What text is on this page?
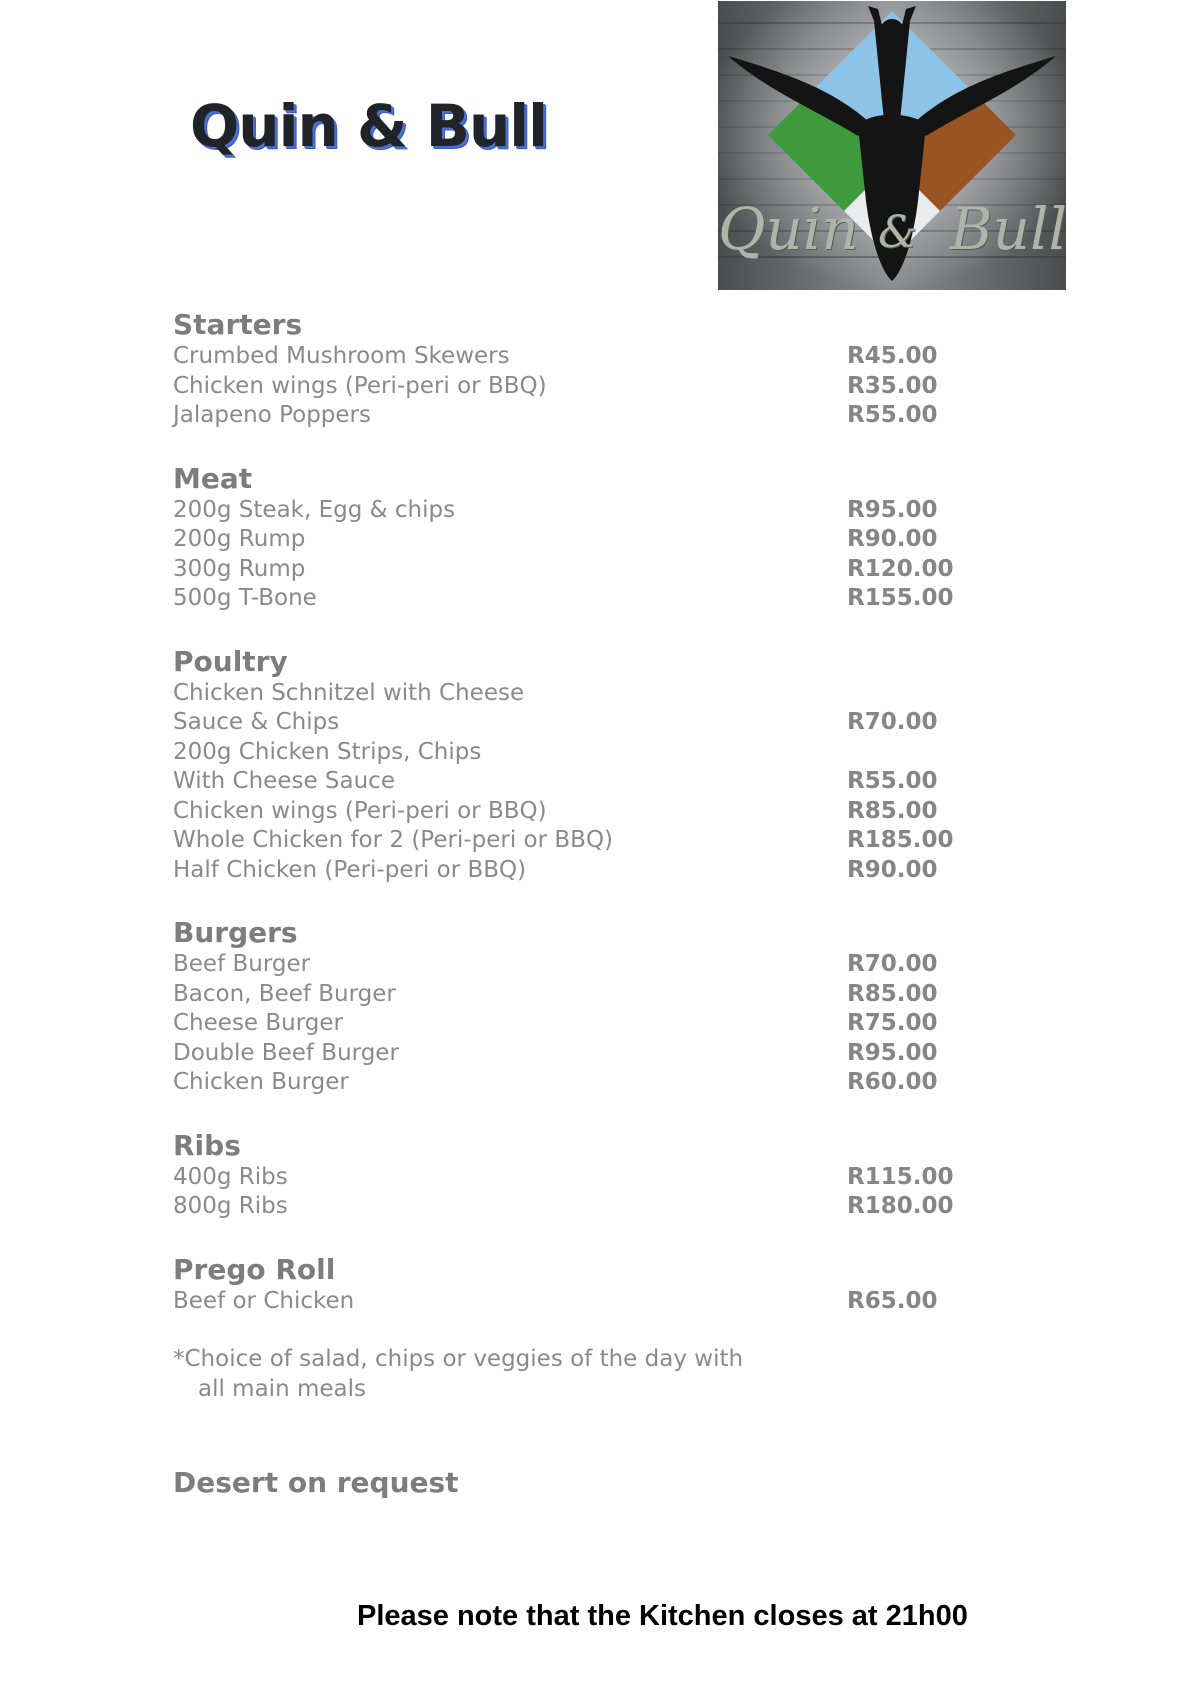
Quin & Bull
Quin & Bull
Starters
Crumbed Mushroom Skewers	R45.00
Chicken wings (Peri-peri or BBQ)	R35.00
Jalapeno Poppers	R55.00
Meat
200g Steak, Egg & chips	R95.00
200g Rump	R90.00
300g Rump	R120.00
500g T-Bone	R155.00
Poultry
Chicken Schnitzel with Cheese
Sauce & Chips	R70.00
200g Chicken Strips, Chips
With Cheese Sauce	R55.00
Chicken wings (Peri-peri or BBQ)	R85.00
Whole Chicken for 2 (Peri-peri or BBQ)	R185.00
Half Chicken (Peri-peri or BBQ)	R90.00
Burgers
Beef Burger	R70.00
Bacon, Beef Burger	R85.00
Cheese Burger	R75.00
Double Beef Burger	R95.00
Chicken Burger	R60.00
Ribs
400g Ribs	R115.00
800g Ribs	R180.00
Prego Roll
Beef or Chicken	R65.00
*Choice of salad, chips or veggies of the day with
all main meals
Desert on request
Please note that the Kitchen closes at 21h00
